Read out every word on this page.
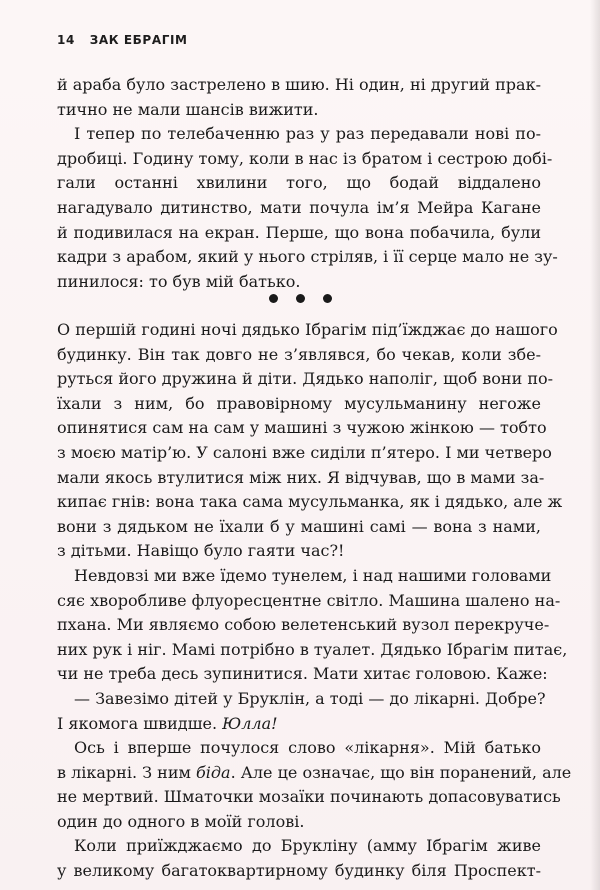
14 ЗАК ЕБРАГІМ

й араба було застрелено в шию. Ні один, ні другий прак-
тично не мали шансів вижити.

І тепер по телебаченню раз у раз передавали нові по-
дробиці. Годину тому, коли в нас із братом і сестрою добі-
гали останні хвилини того, що бодай віддалено
нагадувало дитинство, мати почула ім’я Мейра Кагане
й подивилася на екран. Перше, що вона побачила, були
кадри з арабом, який у нього стріляв, і її серце мало не зу-
пинилося: то був мій батько.

О першій годині ночі дядько Ібрагім під’їжджає до нашого
будинку. Він так довго не з’являвся, бо чекав, коли збе-
руться його дружина й діти. Дядько наполіг, щоб вони по-
їхали з ним, бо правовірному мусульманину негоже
опинятися сам на сам у машині з чужою жінкою — тобто
з моєю матір’ю. У салоні вже сиділи п’ятеро. І ми четверо
мали якось втулитися між них. Я відчував, що в мами за-
кипає гнів: вона така сама мусульманка, як і дядько, але ж
вони з дядьком не їхали б у машині самі — вона з нами,
з дітьми. Навіщо було гаяти час?!

Невдовзі ми вже їдемо тунелем, і над нашими головами
сяє хворобливе флуоресцентне світло. Машина шалено на-
пхана. Ми являємо собою велетенський вузол перекруче-
них рук і ніг. Мамі потрібно в туалет. Дядько Ібрагім питає,
чи не треба десь зупинитися. Мати хитає головою. Каже:

— Завезімо дітей у Бруклін, а тоді — до лікарні. Добре?
І якомога швидше. Юлла!

Ось і вперше почулося слово «лікарня». Мій батько
в лікарні. З ним біда. Але це означає, що він поранений, але
не мертвий. Шматочки мозаїки починають допасовуватись
один до одного в моїй голові.

Коли приїжджаємо до Брукліну (амму Ібрагім живе
у великому багатоквартирному будинку біля Проспект-
